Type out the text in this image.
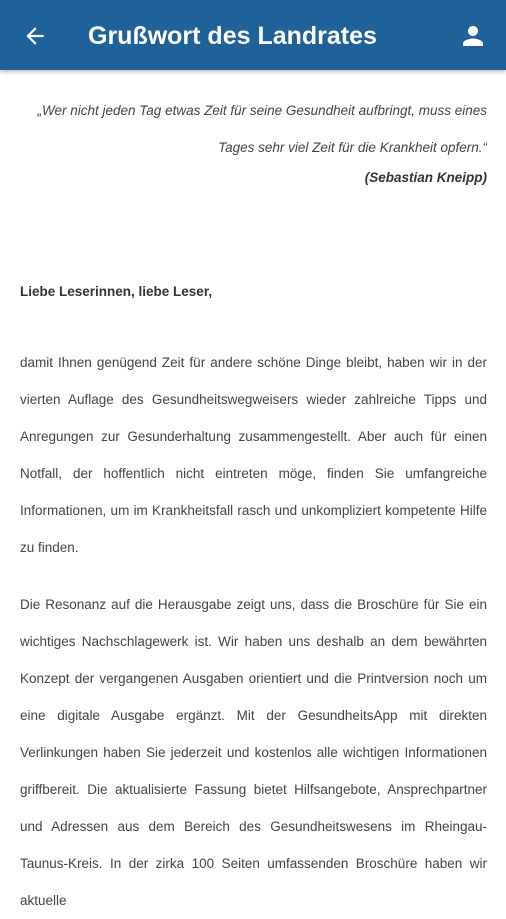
Grußwort des Landrates

„Wer nicht jeden Tag etwas Zeit für seine Gesundheit aufbringt, muss eines Tages sehr viel Zeit für die Krankheit opfern.“

(Sebastian Kneipp)

Liebe Leserinnen, liebe Leser,

damit Ihnen genügend Zeit für andere schöne Dinge bleibt, haben wir in der vierten Auflage des Gesundheitswegweisers wieder zahlreiche Tipps und Anregungen zur Gesunderhaltung zusammengestellt. Aber auch für einen Notfall, der hoffentlich nicht eintreten möge, finden Sie umfangreiche Informationen, um im Krankheitsfall rasch und unkompliziert kompetente Hilfe zu finden.

Die Resonanz auf die Herausgabe zeigt uns, dass die Broschüre für Sie ein wichtiges Nachschlagewerk ist. Wir haben uns deshalb an dem bewährten Konzept der vergangenen Ausgaben orientiert und die Printversion noch um eine digitale Ausgabe ergänzt. Mit der GesundheitsApp mit direkten Verlinkungen haben Sie jederzeit und kostenlos alle wichtigen Informationen griffbereit. Die aktualisierte Fassung bietet Hilfsangebote, Ansprechpartner und Adressen aus dem Bereich des Gesundheitswesens im Rheingau-Taunus-Kreis. In der zirka 100 Seiten umfassenden Broschüre haben wir aktuelle
